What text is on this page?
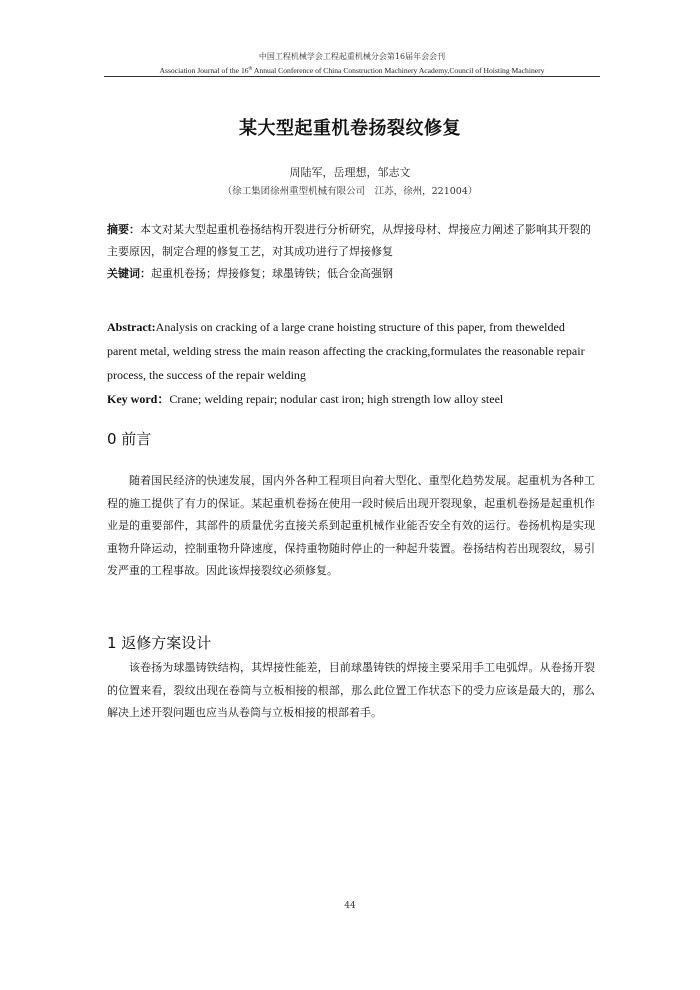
中国工程机械学会工程起重机械分会第16届年会会刊
Association Journal of the 16th Annual Conference of China Construction Machinery Academy,Council of Hoisting Machinery
某大型起重机卷扬裂纹修复
周陆军，岳理想，邹志文
（徐工集团徐州重型机械有限公司　江苏，徐州，221004）

摘要：本文对某大型起重机卷扬结构开裂进行分析研究，从焊接母材、焊接应力阐述了影响其开裂的主要原因，制定合理的修复工艺，对其成功进行了焊接修复

关键词：起重机卷扬；焊接修复；球墨铸铁；低合金高强钢

Abstract:Analysis on cracking of a large crane hoisting structure of this paper, from thewelded parent metal, welding stress the main reason affecting the cracking,formulates the reasonable repair process, the success of the repair welding

Key word：Crane; welding repair; nodular cast iron; high strength low alloy steel

0 前言

随着国民经济的快速发展，国内外各种工程项目向着大型化、重型化趋势发展。起重机为各种工程的施工提供了有力的保证。某起重机卷扬在使用一段时候后出现开裂现象，起重机卷扬是起重机作业是的重要部件，其部件的质量优劣直接关系到起重机械作业能否安全有效的运行。卷扬机构是实现重物升降运动，控制重物升降速度，保持重物随时停止的一种起升装置。卷扬结构若出现裂纹，易引发严重的工程事故。因此该焊接裂纹必须修复。

1 返修方案设计

该卷扬为球墨铸铁结构，其焊接性能差，目前球墨铸铁的焊接主要采用手工电弧焊。从卷扬开裂的位置来看，裂纹出现在卷筒与立板相接的根部，那么此位置工作状态下的受力应该是最大的，那么解决上述开裂问题也应当从卷筒与立板相接的根部着手。

44
